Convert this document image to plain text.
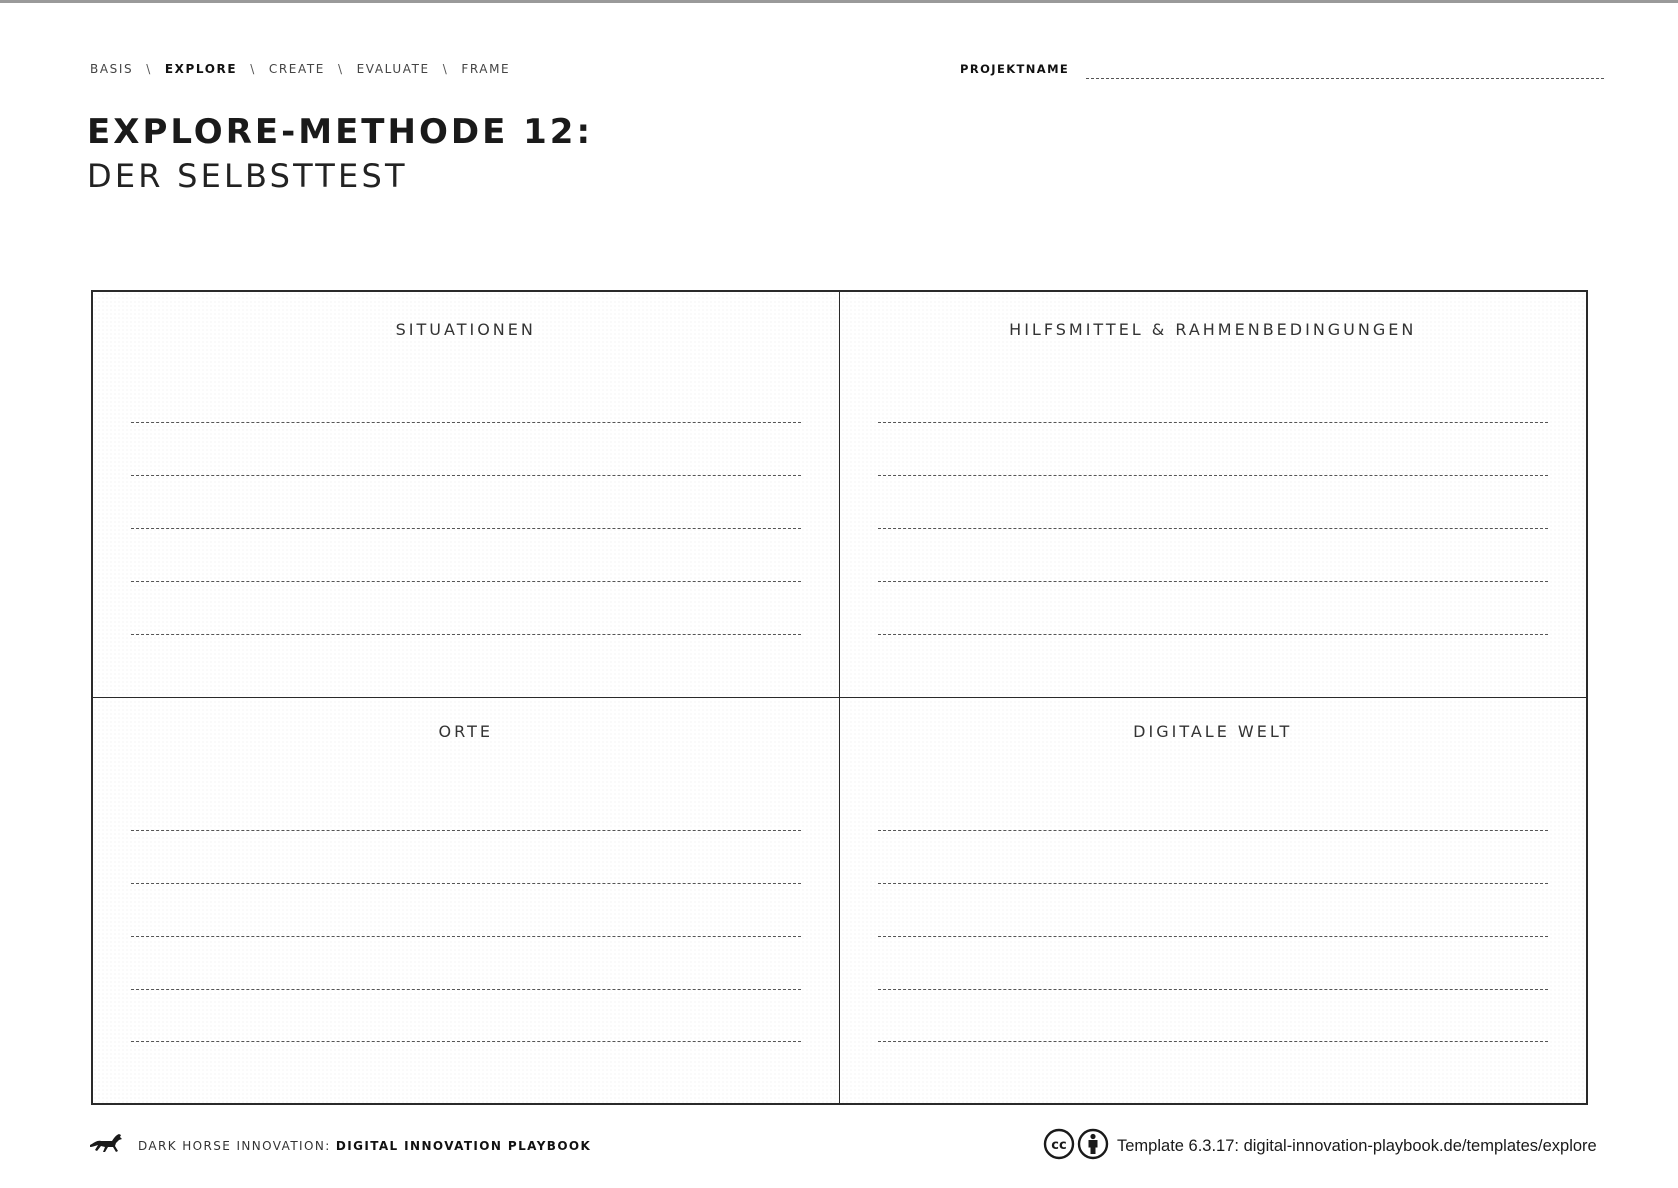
BASIS \ EXPLORE \ CREATE \ EVALUATE \ FRAME	PROJEKTNAME
EXPLORE-METHODE 12:
DER SELBSTTEST
SITUATIONEN	HILFSMITTEL & RAHMENBEDINGUNGEN
ORTE	DIGITALE WELT
DARK HORSE INNOVATION: DIGITAL INNOVATION PLAYBOOK	cc	Template 6.3.17: digital-innovation-playbook.de/templates/explore
